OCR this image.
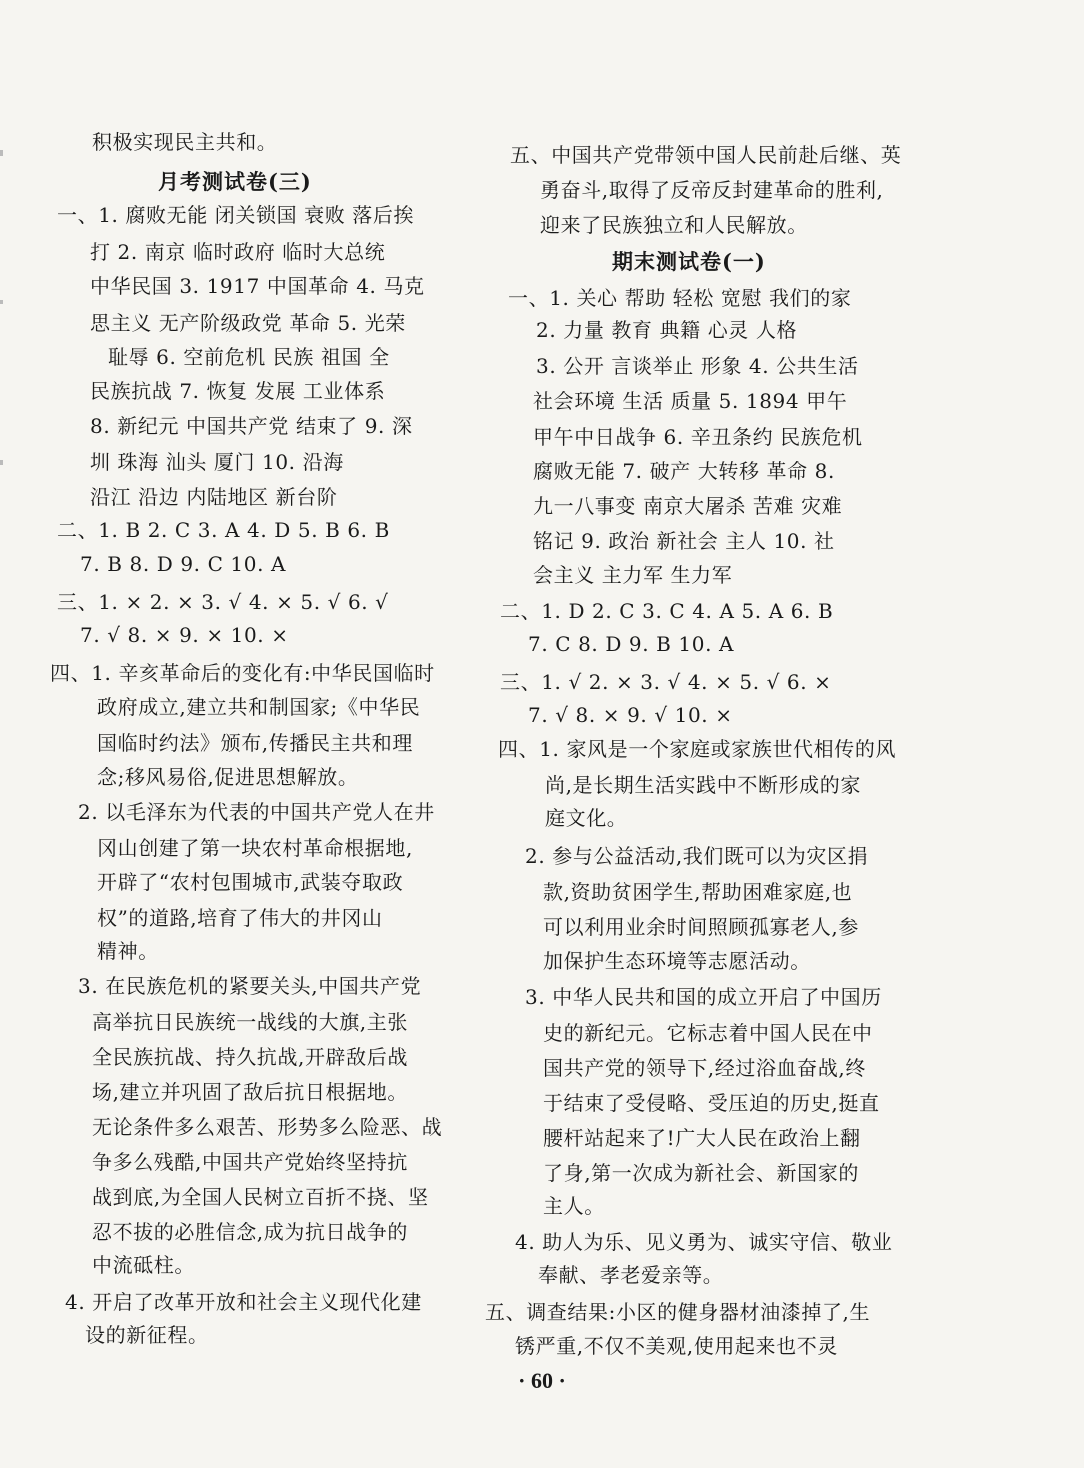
积极实现民主共和。
月考测试卷(三)
一、1. 腐败无能 闭关锁国 衰败 落后挨
打 2. 南京 临时政府 临时大总统
中华民国 3. 1917 中国革命 4. 马克
思主义 无产阶级政党 革命 5. 光荣
耻辱 6. 空前危机 民族 祖国 全
民族抗战 7. 恢复 发展 工业体系
8. 新纪元 中国共产党 结束了 9. 深
圳 珠海 汕头 厦门 10. 沿海
沿江 沿边 内陆地区 新台阶
二、1. B 2. C 3. A 4. D 5. B 6. B
7. B 8. D 9. C 10. A
三、1. × 2. × 3. √ 4. × 5. √ 6. √
7. √ 8. × 9. × 10. ×
四、1. 辛亥革命后的变化有:中华民国临时
政府成立,建立共和制国家;《中华民
国临时约法》颁布,传播民主共和理
念;移风易俗,促进思想解放。
2. 以毛泽东为代表的中国共产党人在井
冈山创建了第一块农村革命根据地,
开辟了“农村包围城市,武装夺取政
权”的道路,培育了伟大的井冈山
精神。
3. 在民族危机的紧要关头,中国共产党
高举抗日民族统一战线的大旗,主张
全民族抗战、持久抗战,开辟敌后战
场,建立并巩固了敌后抗日根据地。
无论条件多么艰苦、形势多么险恶、战
争多么残酷,中国共产党始终坚持抗
战到底,为全国人民树立百折不挠、坚
忍不拔的必胜信念,成为抗日战争的
中流砥柱。
4. 开启了改革开放和社会主义现代化建
设的新征程。
五、中国共产党带领中国人民前赴后继、英
勇奋斗,取得了反帝反封建革命的胜利,
迎来了民族独立和人民解放。
期末测试卷(一)
一、1. 关心 帮助 轻松 宽慰 我们的家
2. 力量 教育 典籍 心灵 人格
3. 公开 言谈举止 形象 4. 公共生活
社会环境 生活 质量 5. 1894 甲午
甲午中日战争 6. 辛丑条约 民族危机
腐败无能 7. 破产 大转移 革命 8.
九一八事变 南京大屠杀 苦难 灾难
铭记 9. 政治 新社会 主人 10. 社
会主义 主力军 生力军
二、1. D 2. C 3. C 4. A 5. A 6. B
7. C 8. D 9. B 10. A
三、1. √ 2. × 3. √ 4. × 5. √ 6. ×
7. √ 8. × 9. √ 10. ×
四、1. 家风是一个家庭或家族世代相传的风
尚,是长期生活实践中不断形成的家
庭文化。
2. 参与公益活动,我们既可以为灾区捐
款,资助贫困学生,帮助困难家庭,也
可以利用业余时间照顾孤寡老人,参
加保护生态环境等志愿活动。
3. 中华人民共和国的成立开启了中国历
史的新纪元。它标志着中国人民在中
国共产党的领导下,经过浴血奋战,终
于结束了受侵略、受压迫的历史,挺直
腰杆站起来了!广大人民在政治上翻
了身,第一次成为新社会、新国家的
主人。
4. 助人为乐、见义勇为、诚实守信、敬业
奉献、孝老爱亲等。
五、调查结果:小区的健身器材油漆掉了,生
锈严重,不仅不美观,使用起来也不灵
· 60 ·
